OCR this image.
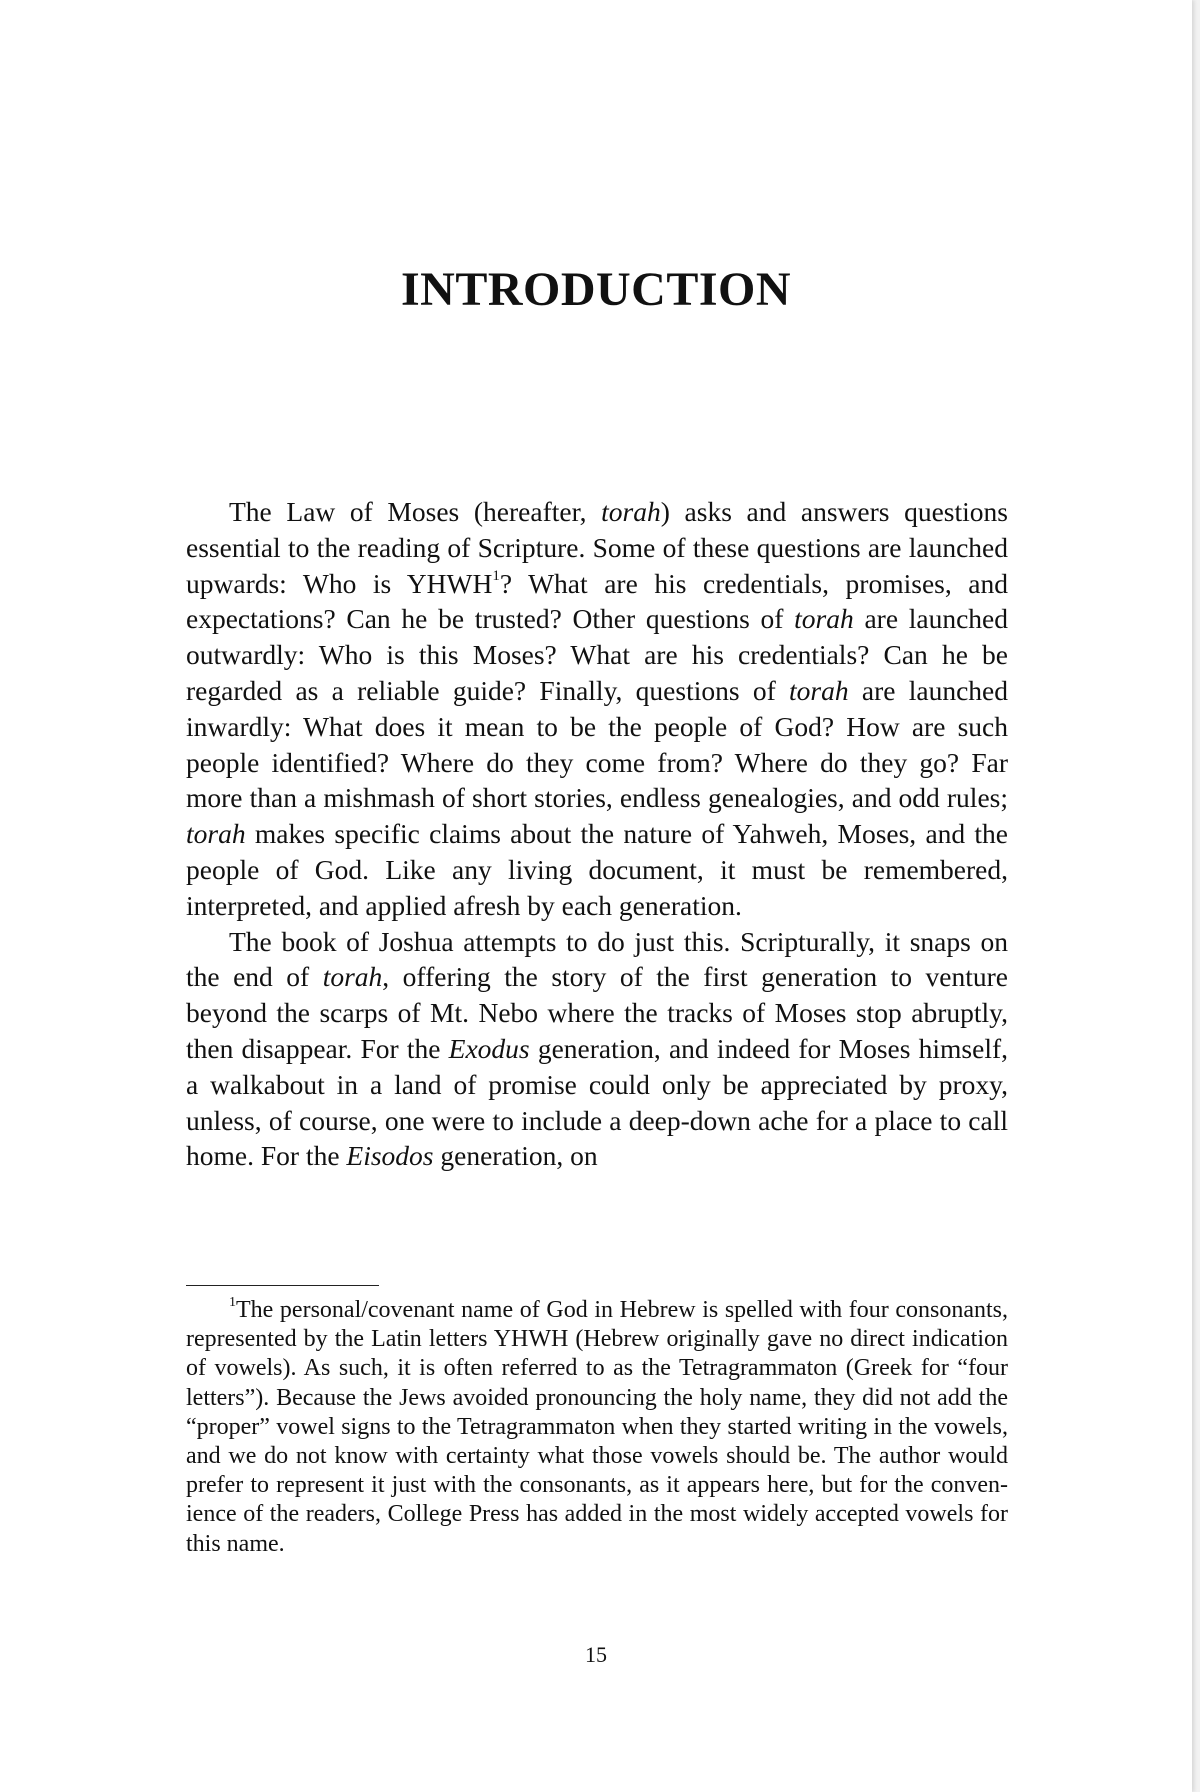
INTRODUCTION

The Law of Moses (hereafter, torah) asks and answers questions essential to the reading of Scripture. Some of these questions are launched upwards: Who is YHWH$^1$? What are his credentials, promises, and expectations? Can he be trusted? Other questions of torah are launched outwardly: Who is this Moses? What are his credentials? Can he be regarded as a reliable guide? Finally, questions of torah are launched inwardly: What does it mean to be the people of God? How are such people identified? Where do they come from? Where do they go? Far more than a mishmash of short stories, endless genealogies, and odd rules; torah makes specific claims about the nature of Yahweh, Moses, and the people of God. Like any living document, it must be remembered, interpreted, and applied afresh by each generation.

The book of Joshua attempts to do just this. Scripturally, it snaps on the end of torah, offering the story of the first generation to venture beyond the scarps of Mt. Nebo where the tracks of Moses stop abruptly, then disappear. For the Exodus generation, and indeed for Moses himself, a walkabout in a land of promise could only be appreciated by proxy, unless, of course, one were to include a deep-down ache for a place to call home. For the Eisodos generation, on

$^1$The personal/covenant name of God in Hebrew is spelled with four consonants, represented by the Latin letters YHWH (Hebrew originally gave no direct indication of vowels). As such, it is often referred to as the Tetragrammaton (Greek for “four letters”). Because the Jews avoided pronouncing the holy name, they did not add the “proper” vowel signs to the Tetragrammaton when they started writing in the vowels, and we do not know with certainty what those vowels should be. The author would prefer to represent it just with the consonants, as it appears here, but for the convenience of the readers, College Press has added in the most widely accepted vowels for this name.

15
